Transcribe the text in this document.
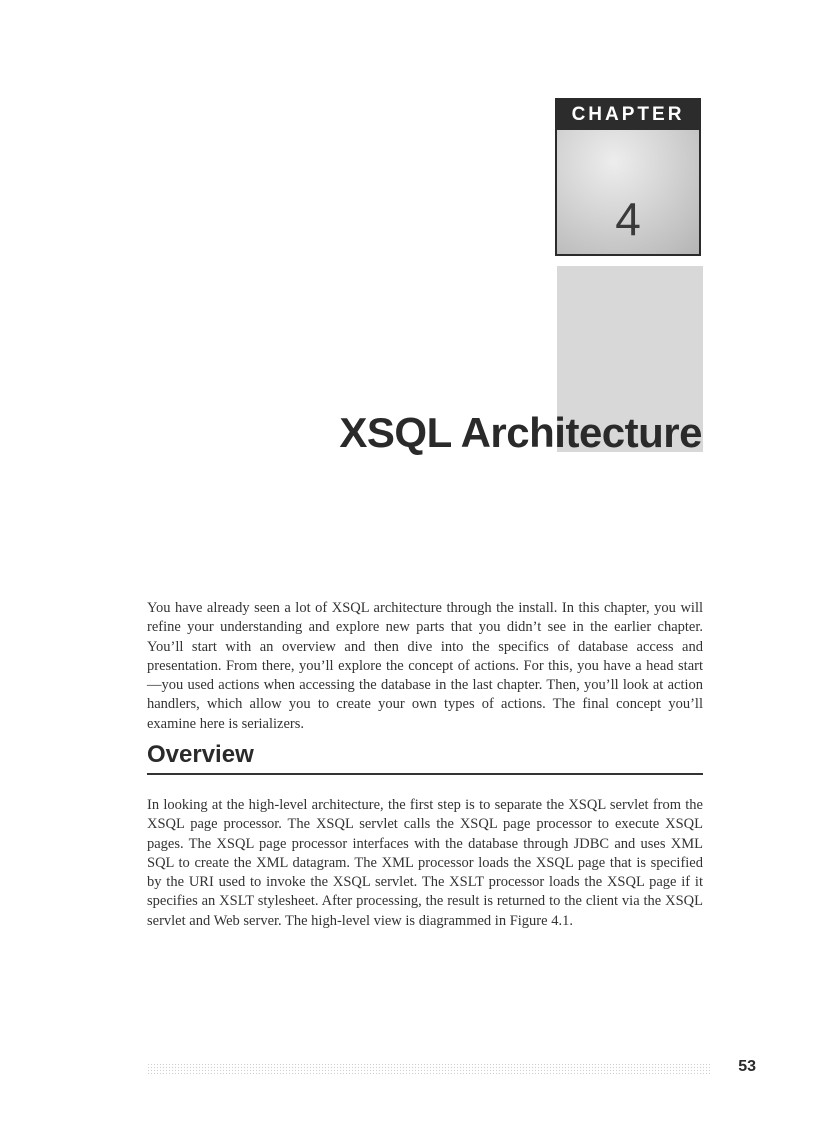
CHAPTER
4
XSQL Architecture

You have already seen a lot of XSQL architecture through the install. In this chapter, you will refine your understanding and explore new parts that you didn’t see in the earlier chapter. You’ll start with an overview and then dive into the specifics of database access and presentation. From there, you’ll explore the concept of actions. For this, you have a head start—you used actions when accessing the database in the last chapter. Then, you’ll look at action handlers, which allow you to create your own types of actions. The final concept you’ll examine here is serializers.

Overview

In looking at the high-level architecture, the first step is to separate the XSQL servlet from the XSQL page processor. The XSQL servlet calls the XSQL page processor to execute XSQL pages. The XSQL page processor interfaces with the database through JDBC and uses XML SQL to create the XML datagram. The XML processor loads the XSQL page that is specified by the URI used to invoke the XSQL servlet. The XSLT processor loads the XSQL page if it specifies an XSLT stylesheet. After processing, the result is returned to the client via the XSQL servlet and Web server. The high-level view is diagrammed in Figure 4.1.

53
